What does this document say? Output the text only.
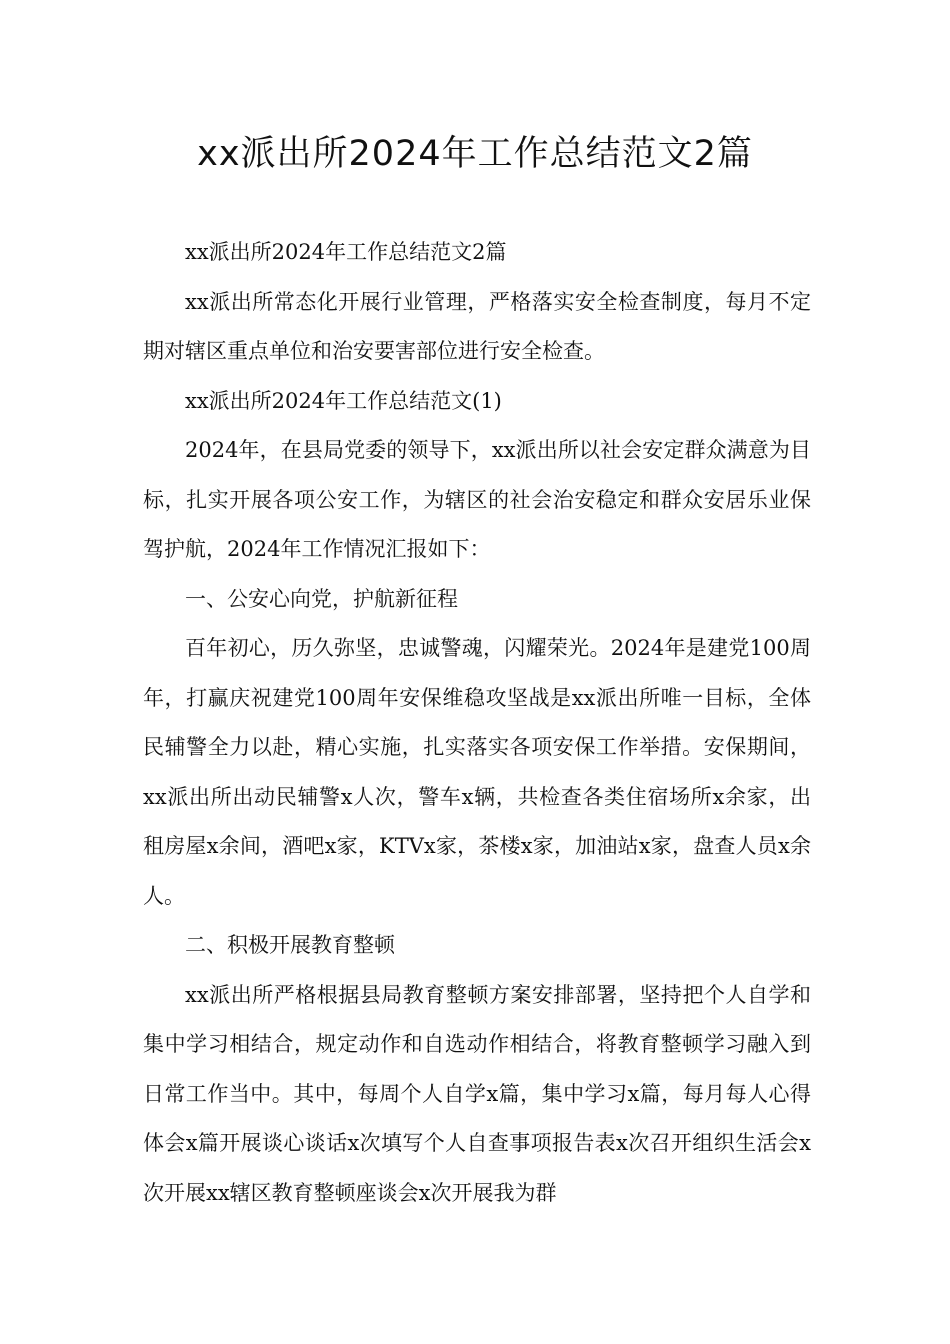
xx派出所2024年工作总结范文2篇

xx派出所2024年工作总结范文2篇

xx派出所常态化开展行业管理，严格落实安全检查制度，每月不定期对辖区重点单位和治安要害部位进行安全检查。

xx派出所2024年工作总结范文(1)

2024年，在县局党委的领导下，xx派出所以社会安定群众满意为目标，扎实开展各项公安工作，为辖区的社会治安稳定和群众安居乐业保驾护航，2024年工作情况汇报如下：

一、公安心向党，护航新征程

百年初心，历久弥坚，忠诚警魂，闪耀荣光。2024年是建党100周年，打赢庆祝建党100周年安保维稳攻坚战是xx派出所唯一目标，全体民辅警全力以赴，精心实施，扎实落实各项安保工作举措。安保期间，xx派出所出动民辅警x人次，警车x辆，共检查各类住宿场所x余家，出租房屋x余间，酒吧x家，KTVx家，茶楼x家，加油站x家，盘查人员x余人。

二、积极开展教育整顿

xx派出所严格根据县局教育整顿方案安排部署，坚持把个人自学和集中学习相结合，规定动作和自选动作相结合，将教育整顿学习融入到日常工作当中。其中，每周个人自学x篇，集中学习x篇，每月每人心得体会x篇开展谈心谈话x次填写个人自查事项报告表x次召开组织生活会x次开展xx辖区教育整顿座谈会x次开展我为群
